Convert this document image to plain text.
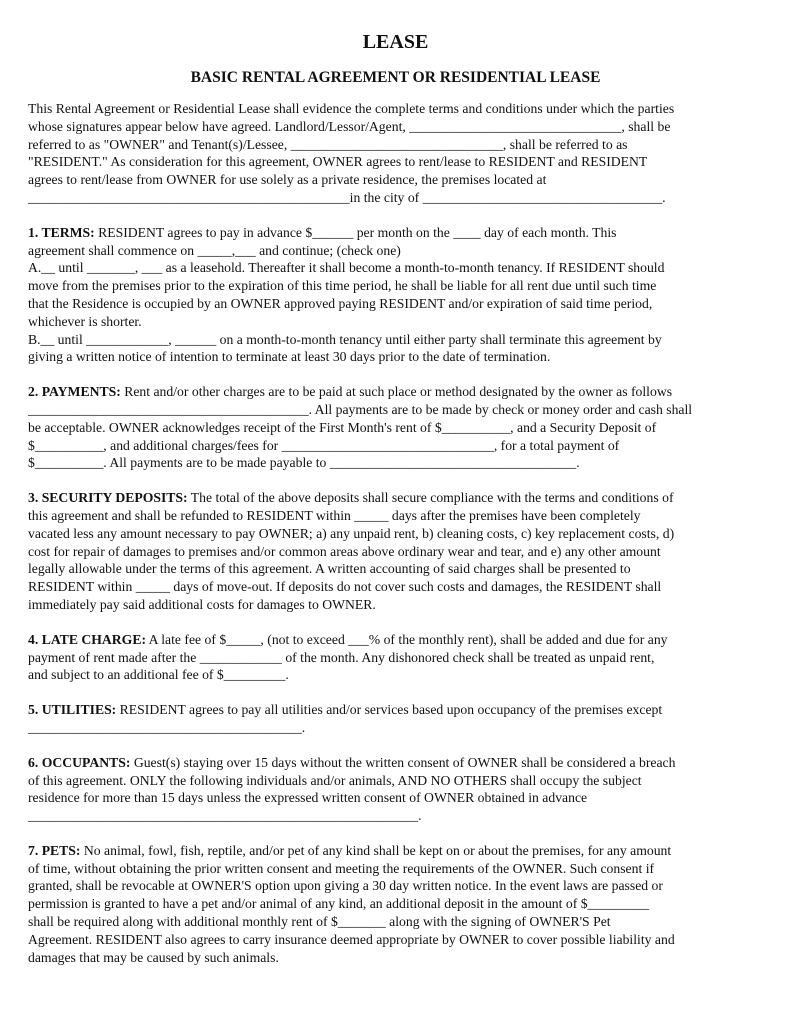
LEASE
BASIC RENTAL AGREEMENT OR RESIDENTIAL LEASE
This Rental Agreement or Residential Lease shall evidence the complete terms and conditions under which the parties
whose signatures appear below have agreed. Landlord/Lessor/Agent, _______________________________, shall be
referred to as "OWNER" and Tenant(s)/Lessee, _______________________________, shall be referred to as
"RESIDENT." As consideration for this agreement, OWNER agrees to rent/lease to RESIDENT and RESIDENT
agrees to rent/lease from OWNER for use solely as a private residence, the premises located at
_______________________________________________in the city of ___________________________________.
1. TERMS: RESIDENT agrees to pay in advance $______ per month on the ____ day of each month. This
agreement shall commence on _____,___ and continue; (check one)
A.__ until _______, ___ as a leasehold. Thereafter it shall become a month-to-month tenancy. If RESIDENT should
move from the premises prior to the expiration of this time period, he shall be liable for all rent due until such time
that the Residence is occupied by an OWNER approved paying RESIDENT and/or expiration of said time period,
whichever is shorter.
B.__ until ____________, ______ on a month-to-month tenancy until either party shall terminate this agreement by
giving a written notice of intention to terminate at least 30 days prior to the date of termination.
2. PAYMENTS: Rent and/or other charges are to be paid at such place or method designated by the owner as follows
_________________________________________. All payments are to be made by check or money order and cash shall
be acceptable. OWNER acknowledges receipt of the First Month's rent of $__________, and a Security Deposit of
$__________, and additional charges/fees for _______________________________, for a total payment of
$__________. All payments are to be made payable to ____________________________________.
3. SECURITY DEPOSITS: The total of the above deposits shall secure compliance with the terms and conditions of
this agreement and shall be refunded to RESIDENT within _____ days after the premises have been completely
vacated less any amount necessary to pay OWNER; a) any unpaid rent, b) cleaning costs, c) key replacement costs, d)
cost for repair of damages to premises and/or common areas above ordinary wear and tear, and e) any other amount
legally allowable under the terms of this agreement. A written accounting of said charges shall be presented to
RESIDENT within _____ days of move-out. If deposits do not cover such costs and damages, the RESIDENT shall
immediately pay said additional costs for damages to OWNER.
4. LATE CHARGE: A late fee of $_____, (not to exceed ___% of the monthly rent), shall be added and due for any
payment of rent made after the ____________ of the month. Any dishonored check shall be treated as unpaid rent,
and subject to an additional fee of $_________.
5. UTILITIES: RESIDENT agrees to pay all utilities and/or services based upon occupancy of the premises except
________________________________________.
6. OCCUPANTS: Guest(s) staying over 15 days without the written consent of OWNER shall be considered a breach
of this agreement. ONLY the following individuals and/or animals, AND NO OTHERS shall occupy the subject
residence for more than 15 days unless the expressed written consent of OWNER obtained in advance
_________________________________________________________.
7. PETS: No animal, fowl, fish, reptile, and/or pet of any kind shall be kept on or about the premises, for any amount
of time, without obtaining the prior written consent and meeting the requirements of the OWNER. Such consent if
granted, shall be revocable at OWNER'S option upon giving a 30 day written notice. In the event laws are passed or
permission is granted to have a pet and/or animal of any kind, an additional deposit in the amount of $_________
shall be required along with additional monthly rent of $_______ along with the signing of OWNER'S Pet
Agreement. RESIDENT also agrees to carry insurance deemed appropriate by OWNER to cover possible liability and
damages that may be caused by such animals.
